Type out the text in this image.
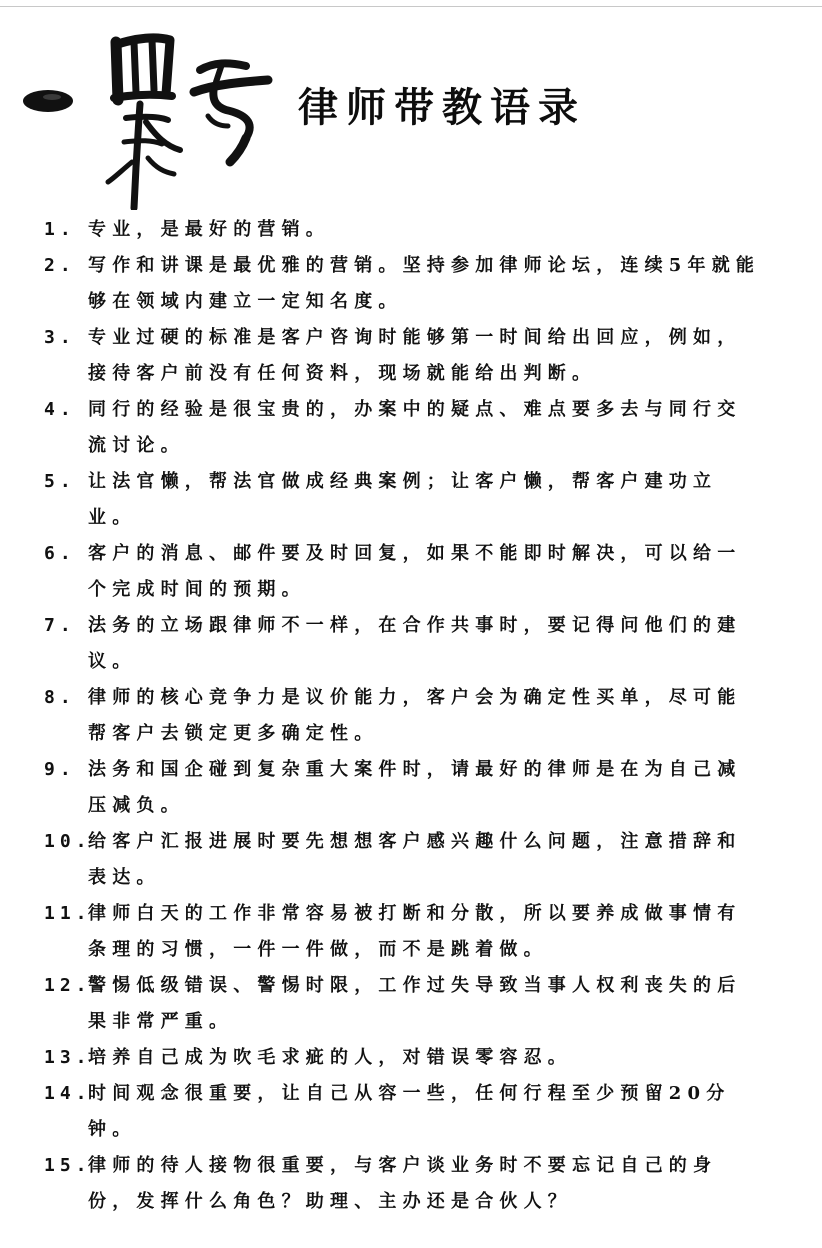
律师带教语录
1. 专业，是最好的营销。
2. 写作和讲课是最优雅的营销。坚持参加律师论坛，连续5年就能够在领域内建立一定知名度。
3. 专业过硬的标准是客户咨询时能够第一时间给出回应，例如，接待客户前没有任何资料，现场就能给出判断。
4. 同行的经验是很宝贵的，办案中的疑点、难点要多去与同行交流讨论。
5. 让法官懒，帮法官做成经典案例；让客户懒，帮客户建功立业。
6. 客户的消息、邮件要及时回复，如果不能即时解决，可以给一个完成时间的预期。
7. 法务的立场跟律师不一样，在合作共事时，要记得问他们的建议。
8. 律师的核心竞争力是议价能力，客户会为确定性买单，尽可能帮客户去锁定更多确定性。
9. 法务和国企碰到复杂重大案件时，请最好的律师是在为自己减压减负。
10.
给客户汇报进展时要先想想客户感兴趣什么问题，注意措辞和表达。
11.
律师白天的工作非常容易被打断和分散，所以要养成做事情有条理的习惯，一件一件做，而不是跳着做。
12.
警惕低级错误、警惕时限，工作过失导致当事人权利丧失的后果非常严重。
13.
培养自己成为吹毛求疵的人，对错误零容忍。
14.
时间观念很重要，让自己从容一些，任何行程至少预留20分钟。
15.
律师的待人接物很重要，与客户谈业务时不要忘记自己的身份，发挥什么角色？助理、主办还是合伙人？
